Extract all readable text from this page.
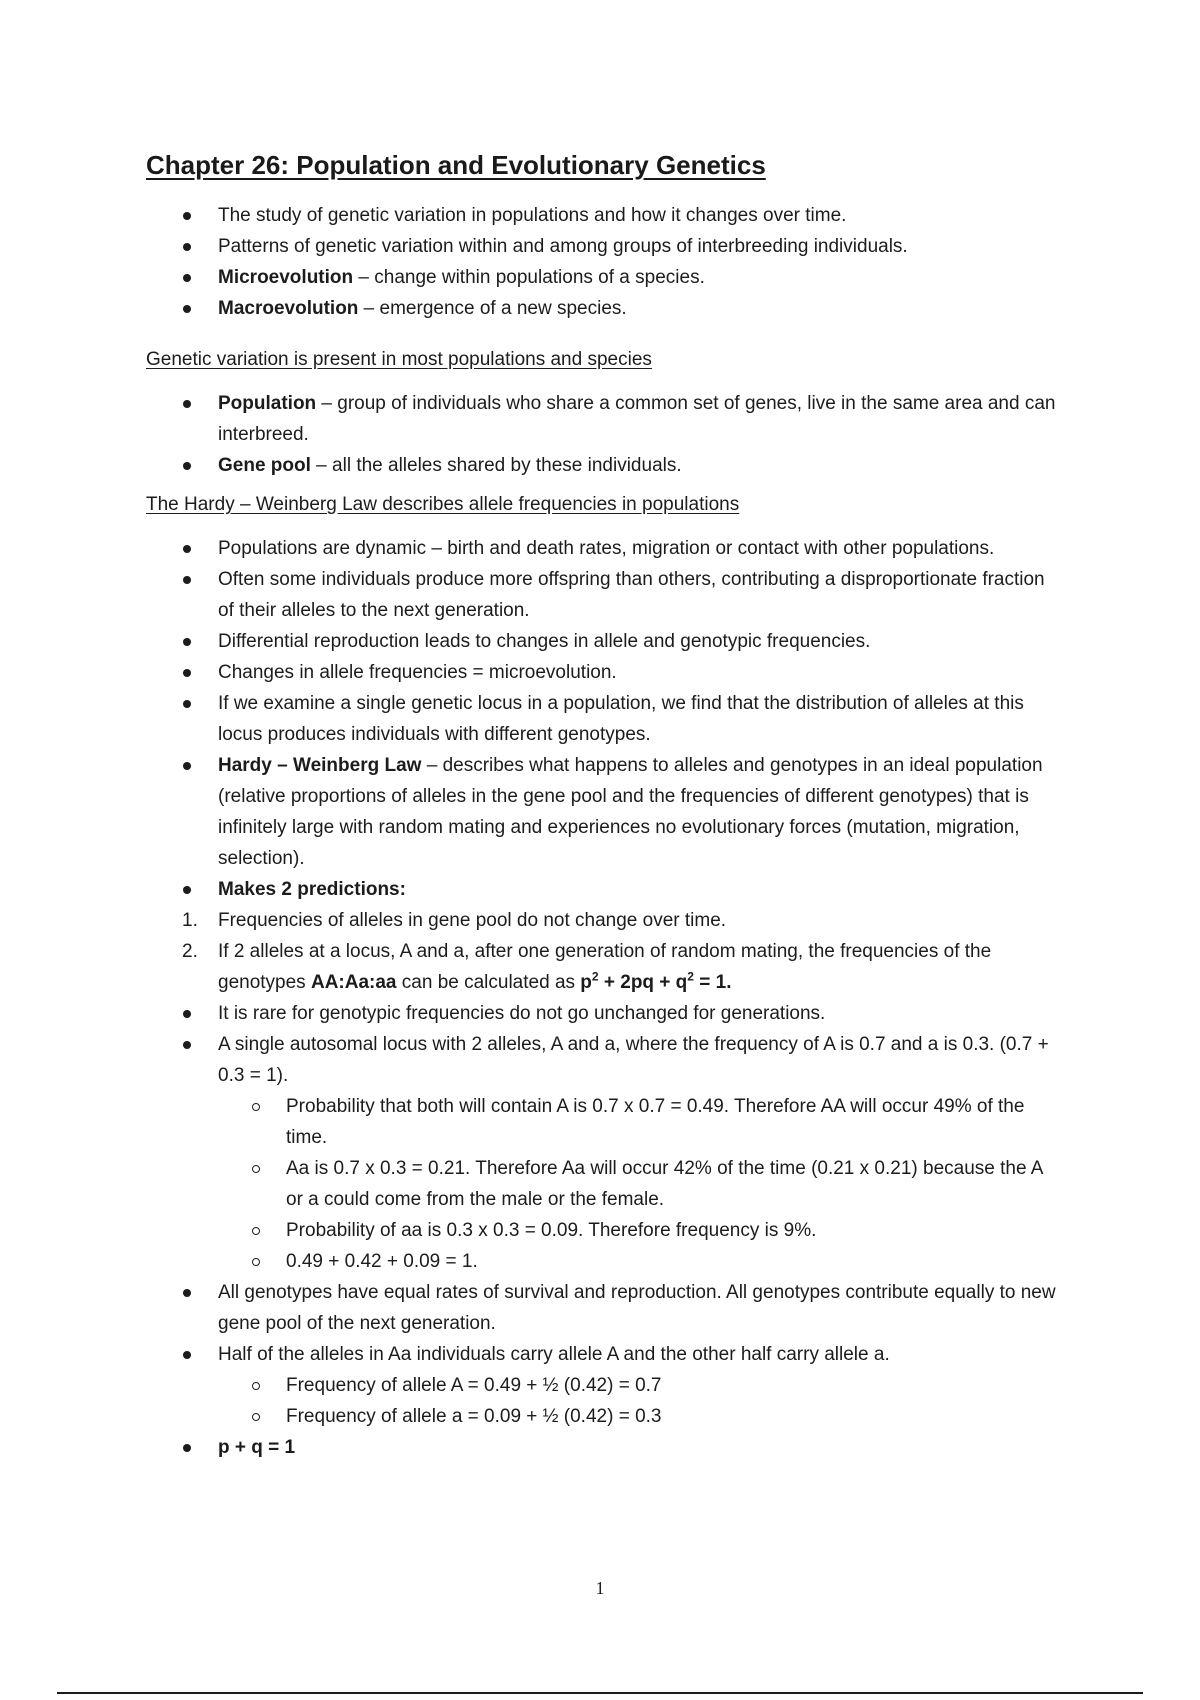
Chapter 26: Population and Evolutionary Genetics
The study of genetic variation in populations and how it changes over time.
Patterns of genetic variation within and among groups of interbreeding individuals.
Microevolution – change within populations of a species.
Macroevolution – emergence of a new species.
Genetic variation is present in most populations and species
Population – group of individuals who share a common set of genes, live in the same area and can interbreed.
Gene pool – all the alleles shared by these individuals.
The Hardy – Weinberg Law describes allele frequencies in populations
Populations are dynamic – birth and death rates, migration or contact with other populations.
Often some individuals produce more offspring than others, contributing a disproportionate fraction of their alleles to the next generation.
Differential reproduction leads to changes in allele and genotypic frequencies.
Changes in allele frequencies = microevolution.
If we examine a single genetic locus in a population, we find that the distribution of alleles at this locus produces individuals with different genotypes.
Hardy – Weinberg Law – describes what happens to alleles and genotypes in an ideal population (relative proportions of alleles in the gene pool and the frequencies of different genotypes) that is infinitely large with random mating and experiences no evolutionary forces (mutation, migration, selection).
Makes 2 predictions:
1. Frequencies of alleles in gene pool do not change over time.
2. If 2 alleles at a locus, A and a, after one generation of random mating, the frequencies of the genotypes AA:Aa:aa can be calculated as $p^2 + 2pq + q^2 = 1$.
It is rare for genotypic frequencies do not go unchanged for generations.
A single autosomal locus with 2 alleles, A and a, where the frequency of A is 0.7 and a is 0.3. (0.7 + 0.3 = 1).
Probability that both will contain A is 0.7 x 0.7 = 0.49. Therefore AA will occur 49% of the time.
Aa is 0.7 x 0.3 = 0.21. Therefore Aa will occur 42% of the time (0.21 x 0.21) because the A or a could come from the male or the female.
Probability of aa is 0.3 x 0.3 = 0.09. Therefore frequency is 9%.
0.49 + 0.42 + 0.09 = 1.
All genotypes have equal rates of survival and reproduction. All genotypes contribute equally to new gene pool of the next generation.
Half of the alleles in Aa individuals carry allele A and the other half carry allele a.
Frequency of allele A = 0.49 + ½ (0.42) = 0.7
Frequency of allele a = 0.09 + ½ (0.42) = 0.3
p + q = 1
1
